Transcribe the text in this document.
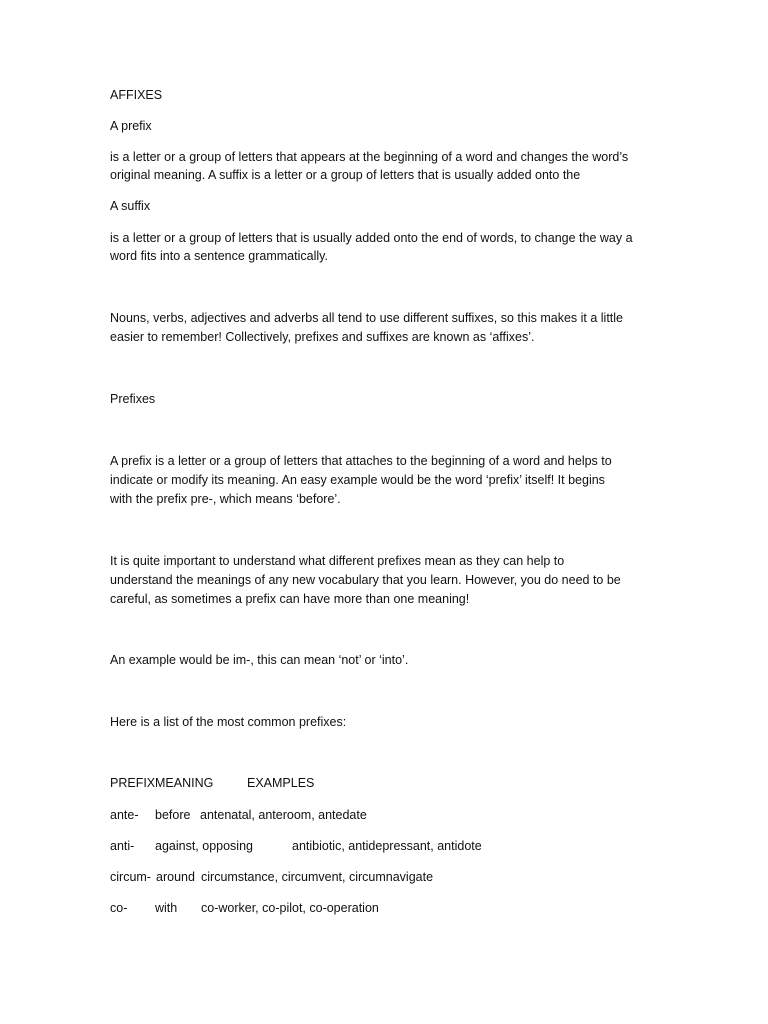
AFFIXES
A prefix
is a letter or a group of letters that appears at the beginning of a word and changes the word’s
original meaning. A suffix is a letter or a group of letters that is usually added onto the
A suffix
is a letter or a group of letters that is usually added onto the end of words, to change the way a
word fits into a sentence grammatically.
Nouns, verbs, adjectives and adverbs all tend to use different suffixes, so this makes it a little
easier to remember! Collectively, prefixes and suffixes are known as ‘affixes’.
Prefixes
A prefix is a letter or a group of letters that attaches to the beginning of a word and helps to
indicate or modify its meaning. An easy example would be the word ‘prefix’ itself! It begins
with the prefix pre-, which means ‘before’.
It is quite important to understand what different prefixes mean as they can help to
understand the meanings of any new vocabulary that you learn. However, you do need to be
careful, as sometimes a prefix can have more than one meaning!
An example would be im-, this can mean ‘not’ or ‘into’.
Here is a list of the most common prefixes:
PREFIX MEANING	EXAMPLES
ante- before antenatal, anteroom, antedate
anti- against, opposing	antibiotic, antidepressant, antidote
circum- around circumstance, circumvent, circumnavigate
co- with co-worker, co-pilot, co-operation
